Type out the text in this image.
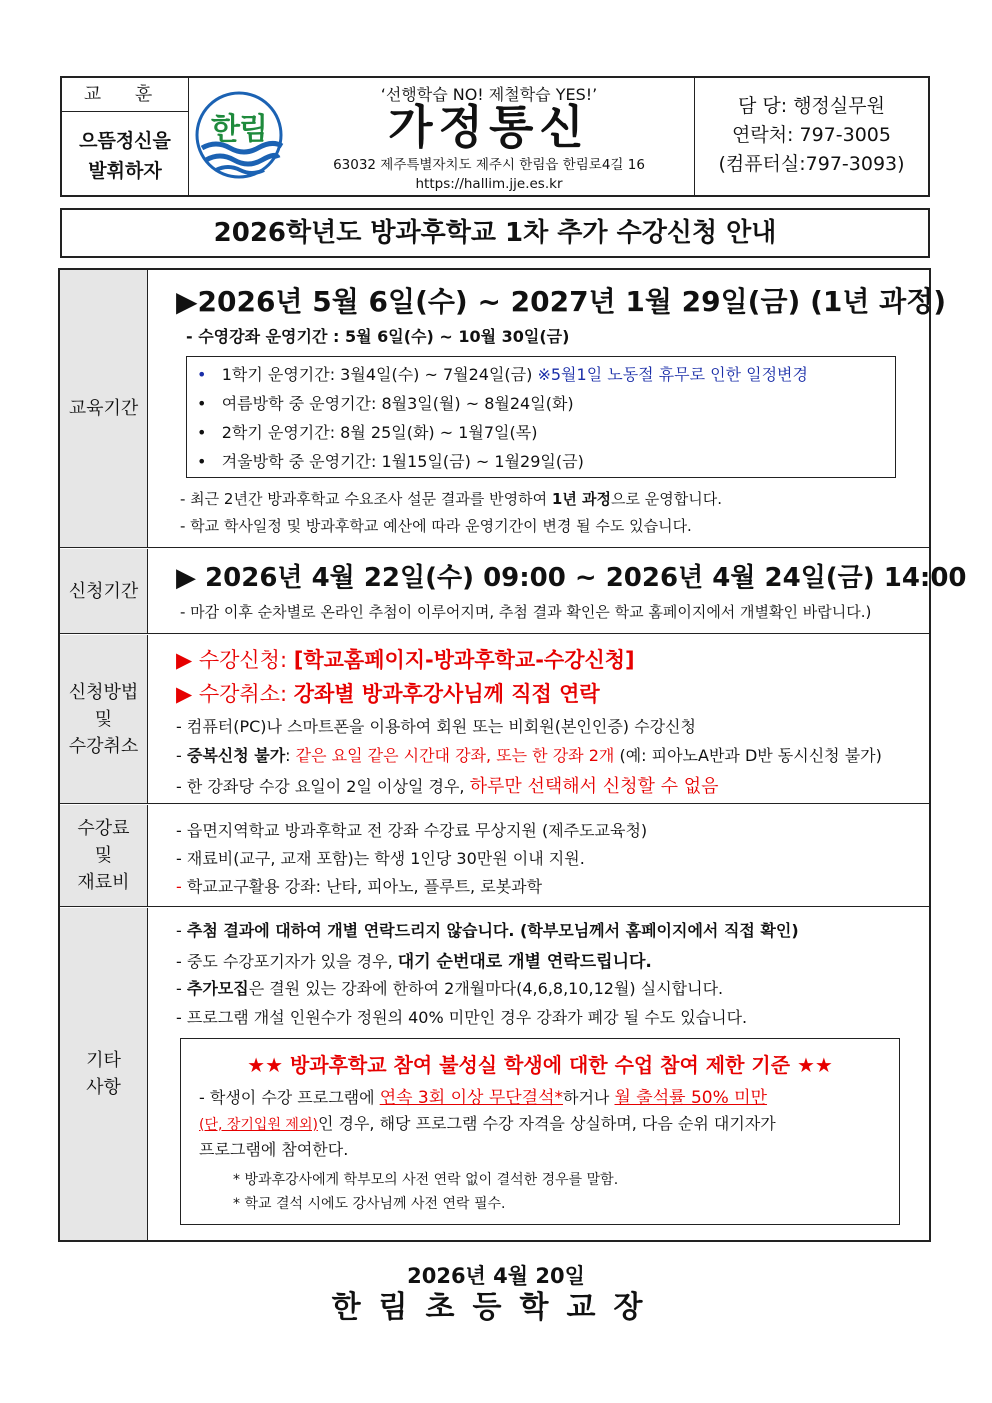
교 훈
으뜸정신을
발휘하자
한림
‘선행학습 NO! 제철학습 YES!’
가정통신
63032 제주특별자치도 제주시 한림읍 한림로4길 16
https://hallim.jje.es.kr
담 당: 행정실무원
연락처: 797-3005
(컴퓨터실:797-3093)
2026학년도 방과후학교 1차 추가 수강신청 안내
교육기간
▶2026년 5월 6일(수) ~ 2027년 1월 29일(금) (1년 과정)
- 수영강좌 운영기간 : 5월 6일(수) ~ 10월 30일(금)
• 1학기 운영기간: 3월4일(수) ~ 7월24일(금) ※5월1일 노동절 휴무로 인한 일정변경
• 여름방학 중 운영기간: 8월3일(월) ~ 8월24일(화)
• 2학기 운영기간: 8월 25일(화) ~ 1월7일(목)
• 겨울방학 중 운영기간: 1월15일(금) ~ 1월29일(금)
- 최근 2년간 방과후학교 수요조사 설문 결과를 반영하여 1년 과정으로 운영합니다.
- 학교 학사일정 및 방과후학교 예산에 따라 운영기간이 변경 될 수도 있습니다.
신청기간	▶ 2026년 4월 22일(수) 09:00 ~ 2026년 4월 24일(금) 14:00
- 마감 이후 순차별로 온라인 추첨이 이루어지며, 추첨 결과 확인은 학교 홈페이지에서 개별확인 바랍니다.)
신청방법
및
수강취소
▶ 수강신청: [학교홈페이지-방과후학교-수강신청]
▶ 수강취소: 강좌별 방과후강사님께 직접 연락
- 컴퓨터(PC)나 스마트폰을 이용하여 회원 또는 비회원(본인인증) 수강신청
- 중복신청 불가: 같은 요일 같은 시간대 강좌, 또는 한 강좌 2개 (예: 피아노A반과 D반 동시신청 불가)
- 한 강좌당 수강 요일이 2일 이상일 경우, 하루만 선택해서 신청할 수 없음
수강료
및
재료비
- 읍면지역학교 방과후학교 전 강좌 수강료 무상지원 (제주도교육청)
- 재료비(교구, 교재 포함)는 학생 1인당 30만원 이내 지원.
- 학교교구활용 강좌: 난타, 피아노, 플루트, 로봇과학
기타
사항
- 추첨 결과에 대하여 개별 연락드리지 않습니다. (학부모님께서 홈페이지에서 직접 확인)
- 중도 수강포기자가 있을 경우, 대기 순번대로 개별 연락드립니다.
- 추가모집은 결원 있는 강좌에 한하여 2개월마다(4,6,8,10,12월) 실시합니다.
- 프로그램 개설 인원수가 정원의 40% 미만인 경우 강좌가 폐강 될 수도 있습니다.
★★ 방과후학교 참여 불성실 학생에 대한 수업 참여 제한 기준 ★★
- 학생이 수강 프로그램에 연속 3회 이상 무단결석*하거나 월 출석률 50% 미만
(단, 장기입원 제외)인 경우, 해당 프로그램 수강 자격을 상실하며, 다음 순위 대기자가
프로그램에 참여한다.
* 방과후강사에게 학부모의 사전 연락 없이 결석한 경우를 말함.
* 학교 결석 시에도 강사님께 사전 연락 필수.
2026년 4월 20일
한림초등학교장
